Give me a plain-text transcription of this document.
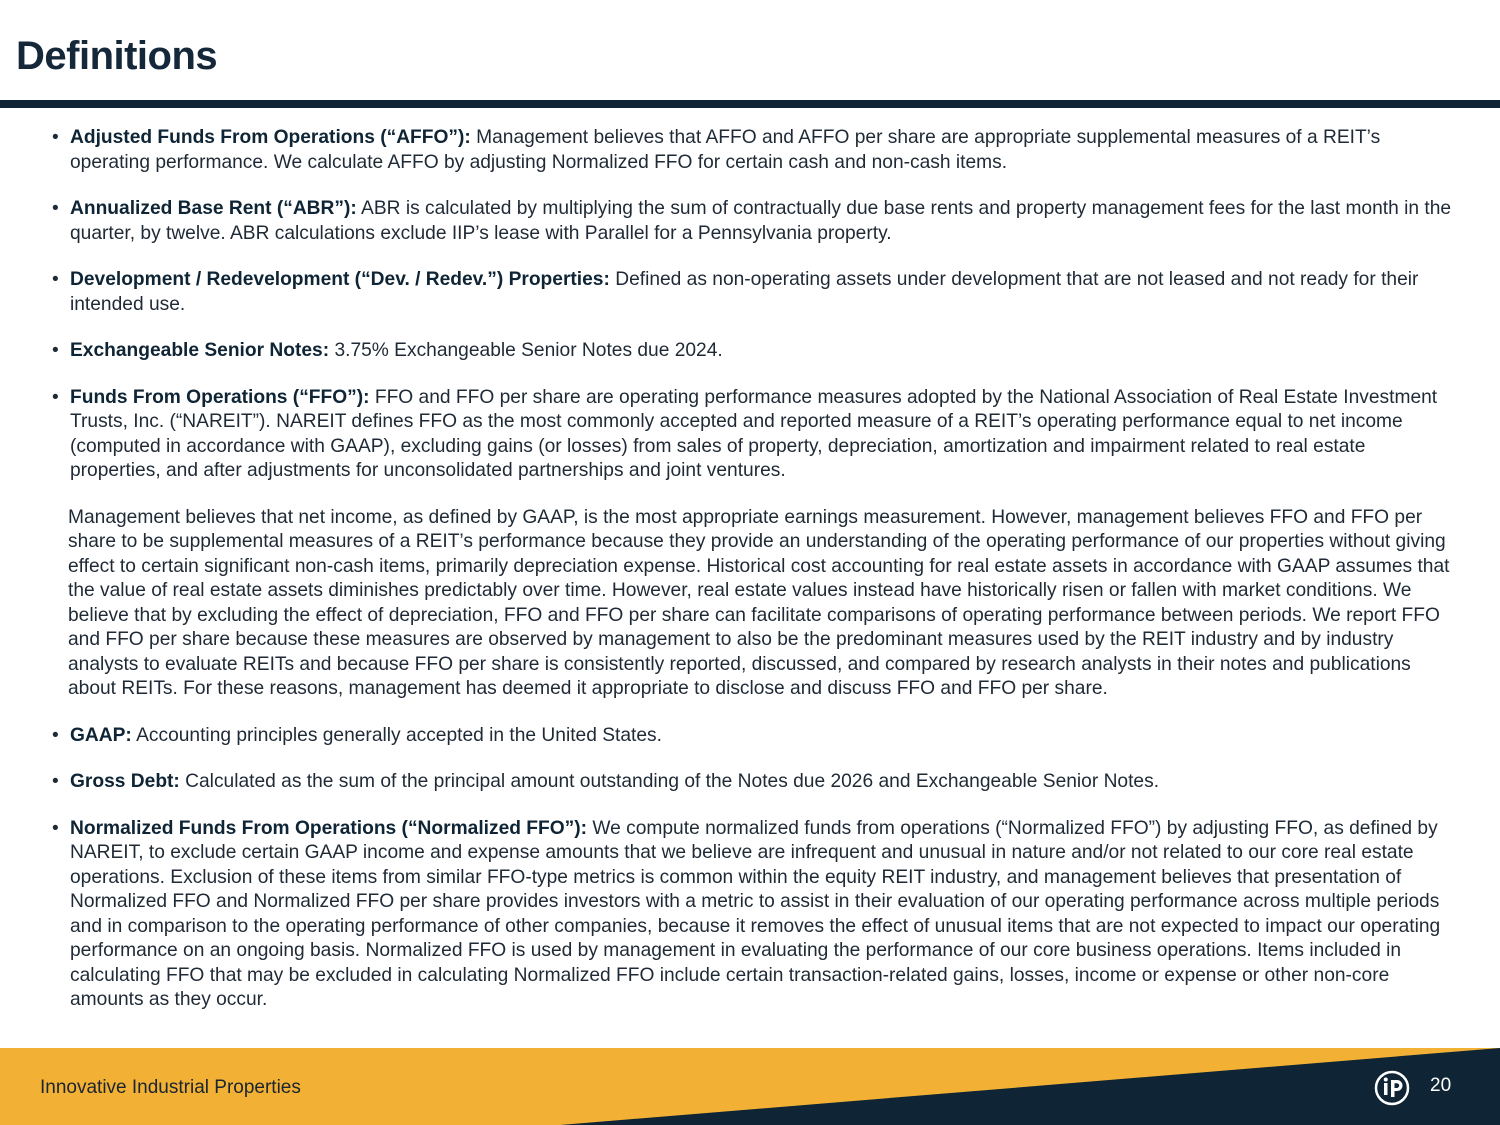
Definitions
• Adjusted Funds From Operations (“AFFO”): Management believes that AFFO and AFFO per share are appropriate supplemental measures of a REIT’s operating performance. We calculate AFFO by adjusting Normalized FFO for certain cash and non-cash items.
• Annualized Base Rent (“ABR”): ABR is calculated by multiplying the sum of contractually due base rents and property management fees for the last month in the quarter, by twelve. ABR calculations exclude IIP’s lease with Parallel for a Pennsylvania property.
• Development / Redevelopment (“Dev. / Redev.”) Properties: Defined as non-operating assets under development that are not leased and not ready for their intended use.
• Exchangeable Senior Notes: 3.75% Exchangeable Senior Notes due 2024.
• Funds From Operations (“FFO”): FFO and FFO per share are operating performance measures adopted by the National Association of Real Estate Investment Trusts, Inc. (“NAREIT”). NAREIT defines FFO as the most commonly accepted and reported measure of a REIT’s operating performance equal to net income (computed in accordance with GAAP), excluding gains (or losses) from sales of property, depreciation, amortization and impairment related to real estate properties, and after adjustments for unconsolidated partnerships and joint ventures.
Management believes that net income, as defined by GAAP, is the most appropriate earnings measurement. However, management believes FFO and FFO per share to be supplemental measures of a REIT’s performance because they provide an understanding of the operating performance of our properties without giving effect to certain significant non-cash items, primarily depreciation expense. Historical cost accounting for real estate assets in accordance with GAAP assumes that the value of real estate assets diminishes predictably over time. However, real estate values instead have historically risen or fallen with market conditions. We believe that by excluding the effect of depreciation, FFO and FFO per share can facilitate comparisons of operating performance between periods. We report FFO and FFO per share because these measures are observed by management to also be the predominant measures used by the REIT industry and by industry analysts to evaluate REITs and because FFO per share is consistently reported, discussed, and compared by research analysts in their notes and publications about REITs. For these reasons, management has deemed it appropriate to disclose and discuss FFO and FFO per share.
• GAAP: Accounting principles generally accepted in the United States.
• Gross Debt: Calculated as the sum of the principal amount outstanding of the Notes due 2026 and Exchangeable Senior Notes.
• Normalized Funds From Operations (“Normalized FFO”): We compute normalized funds from operations (“Normalized FFO”) by adjusting FFO, as defined by NAREIT, to exclude certain GAAP income and expense amounts that we believe are infrequent and unusual in nature and/or not related to our core real estate operations. Exclusion of these items from similar FFO-type metrics is common within the equity REIT industry, and management believes that presentation of Normalized FFO and Normalized FFO per share provides investors with a metric to assist in their evaluation of our operating performance across multiple periods and in comparison to the operating performance of other companies, because it removes the effect of unusual items that are not expected to impact our operating performance on an ongoing basis. Normalized FFO is used by management in evaluating the performance of our core business operations. Items included in calculating FFO that may be excluded in calculating Normalized FFO include certain transaction-related gains, losses, income or expense or other non-core amounts as they occur.
Innovative Industrial Properties	20
